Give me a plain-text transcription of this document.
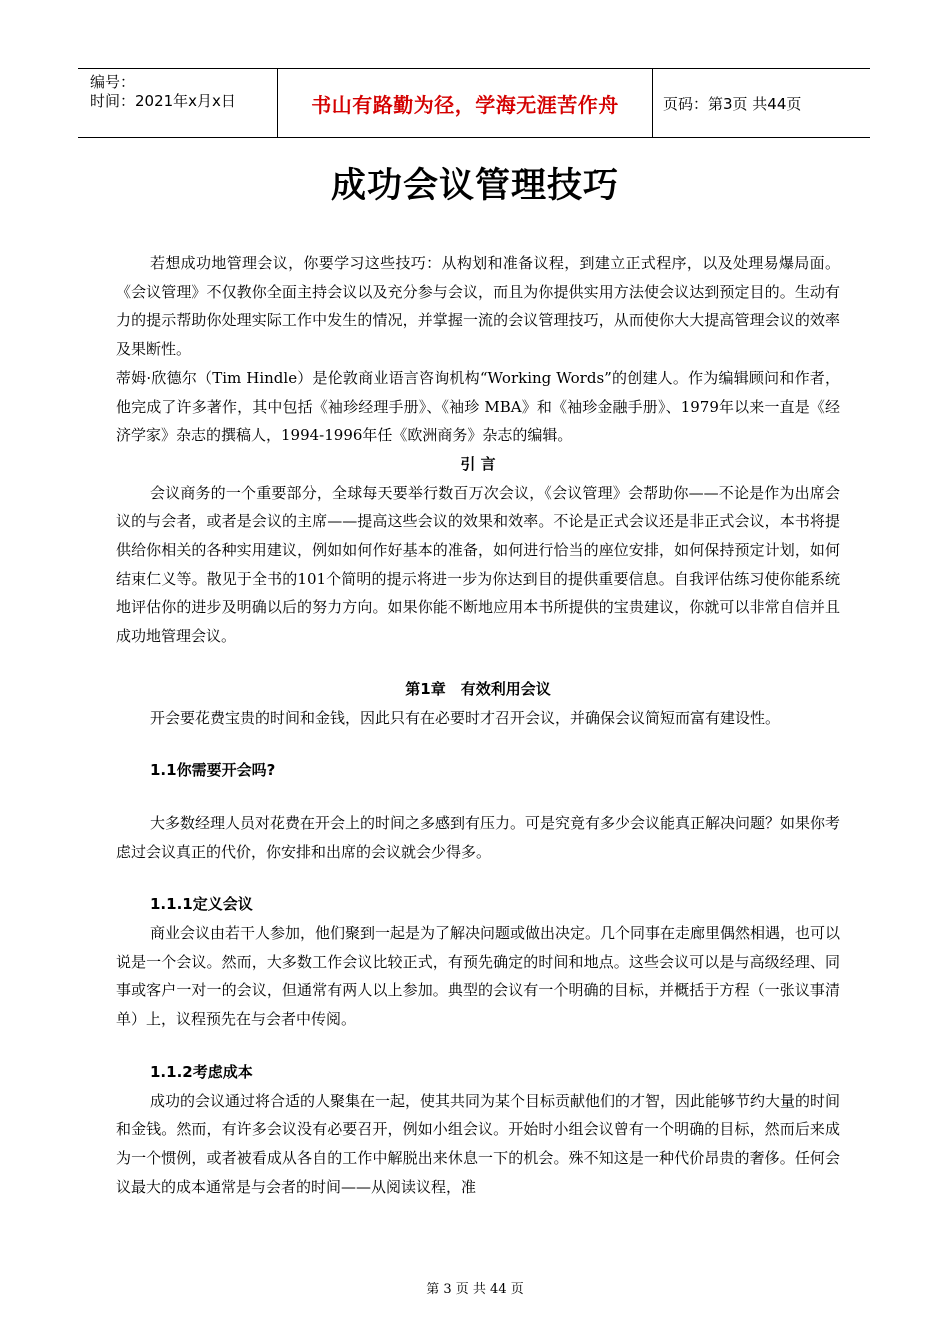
编号：
时间：2021年x月x日	书山有路勤为径，学海无涯苦作舟	页码：第3页 共44页
成功会议管理技巧

若想成功地管理会议，你要学习这些技巧：从构划和准备议程，到建立正式程序，以及处理易爆局面。《会议管理》不仅教你全面主持会议以及充分参与会议，而且为你提供实用方法使会议达到预定目的。生动有力的提示帮助你处理实际工作中发生的情况，并掌握一流的会议管理技巧，从而使你大大提高管理会议的效率及果断性。

蒂姆·欣德尔（Tim Hindle）是伦敦商业语言咨询机构“Working Words”的创建人。作为编辑顾问和作者，他完成了许多著作，其中包括《袖珍经理手册》、《袖珍 MBA》和《袖珍金融手册》、1979年以来一直是《经济学家》杂志的撰稿人，1994-1996年任《欧洲商务》杂志的编辑。

引 言

会议商务的一个重要部分，全球每天要举行数百万次会议，《会议管理》会帮助你——不论是作为出席会议的与会者，或者是会议的主席——提高这些会议的效果和效率。不论是正式会议还是非正式会议，本书将提供给你相关的各种实用建议，例如如何作好基本的准备，如何进行恰当的座位安排，如何保持预定计划，如何结束仁义等。散见于全书的101个简明的提示将进一步为你达到目的提供重要信息。自我评估练习使你能系统地评估你的进步及明确以后的努力方向。如果你能不断地应用本书所提供的宝贵建议，你就可以非常自信并且成功地管理会议。

第1章　有效利用会议

开会要花费宝贵的时间和金钱，因此只有在必要时才召开会议，并确保会议简短而富有建设性。

1.1你需要开会吗?

大多数经理人员对花费在开会上的时间之多感到有压力。可是究竟有多少会议能真正解决问题？如果你考虑过会议真正的代价，你安排和出席的会议就会少得多。

1.1.1定义会议

商业会议由若干人参加，他们聚到一起是为了解决问题或做出决定。几个同事在走廊里偶然相遇，也可以说是一个会议。然而，大多数工作会议比较正式，有预先确定的时间和地点。这些会议可以是与高级经理、同事或客户一对一的会议，但通常有两人以上参加。典型的会议有一个明确的目标，并概括于方程（一张议事清单）上，议程预先在与会者中传阅。

1.1.2考虑成本

成功的会议通过将合适的人聚集在一起，使其共同为某个目标贡献他们的才智，因此能够节约大量的时间和金钱。然而，有许多会议没有必要召开，例如小组会议。开始时小组会议曾有一个明确的目标，然而后来成为一个惯例，或者被看成从各自的工作中解脱出来休息一下的机会。殊不知这是一种代价昂贵的奢侈。任何会议最大的成本通常是与会者的时间——从阅读议程，准

第 3 页 共 44 页
